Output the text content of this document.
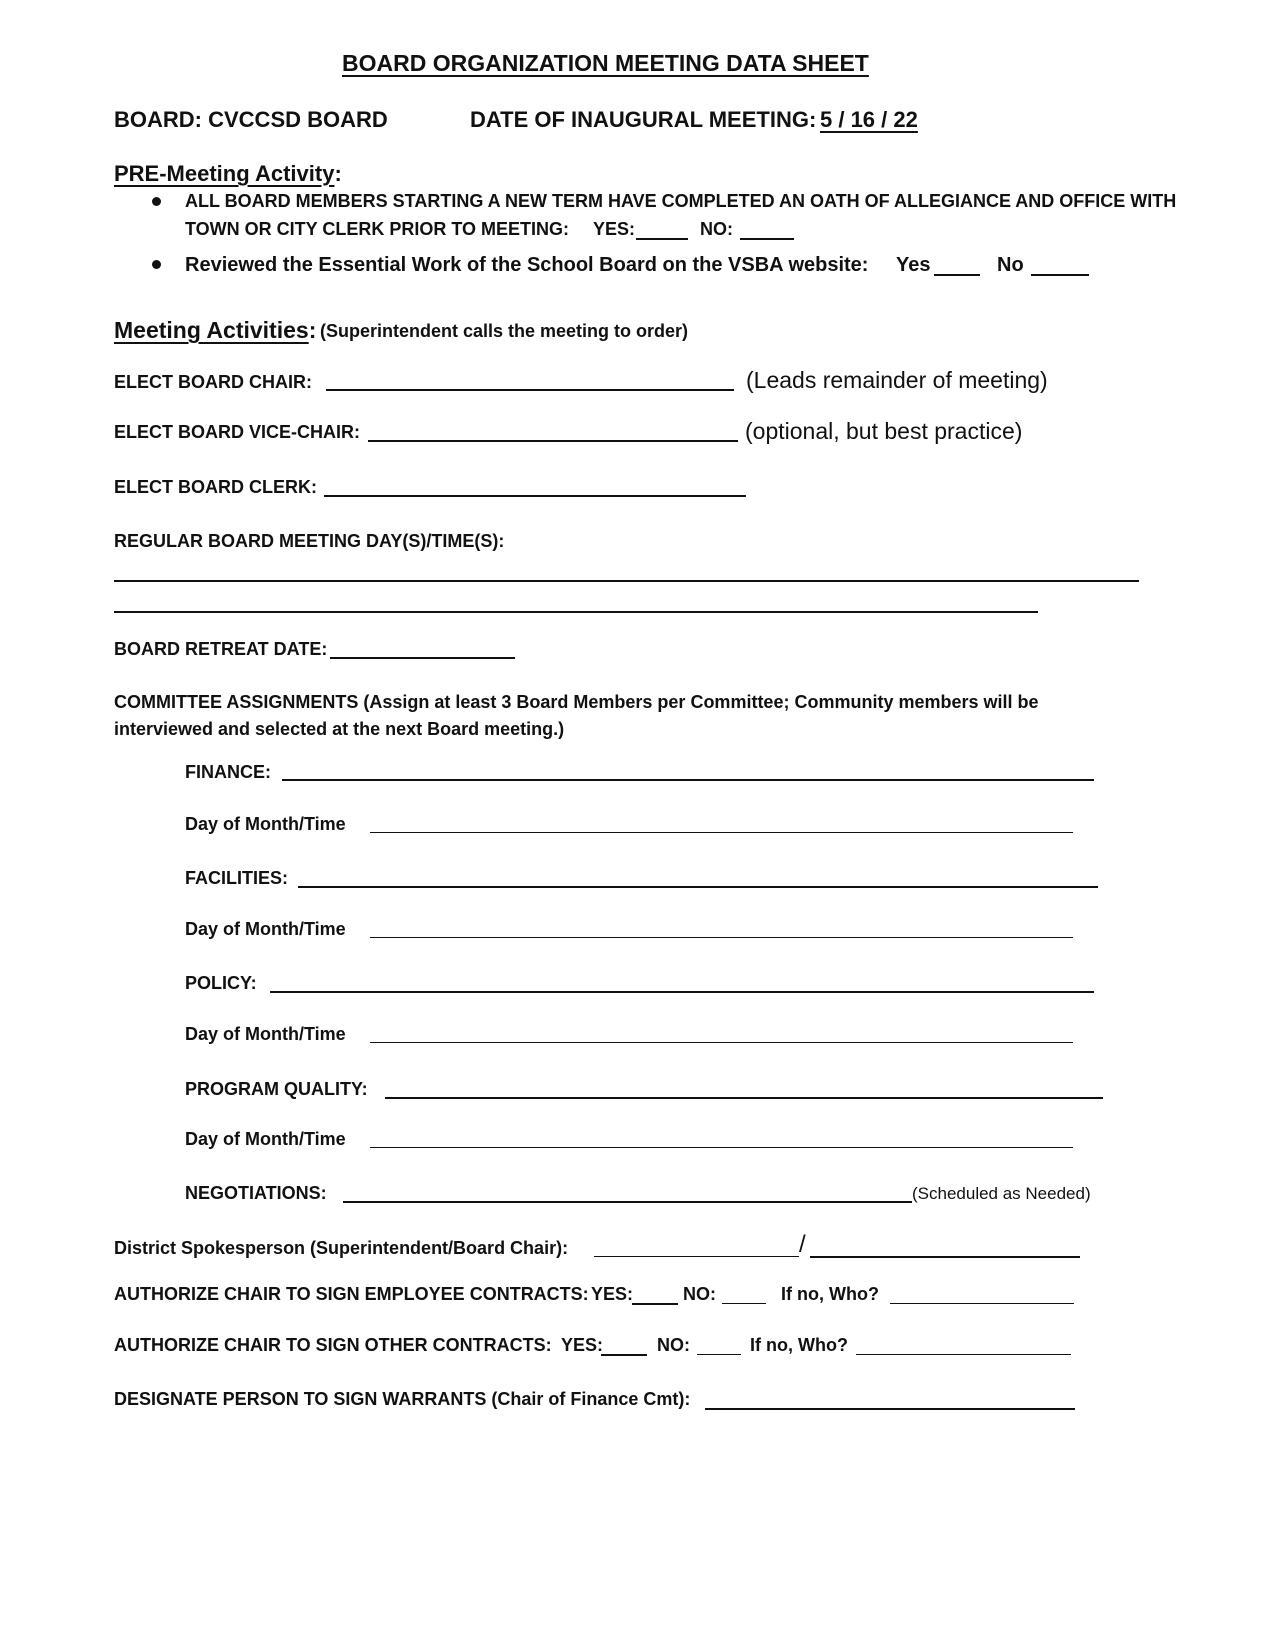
BOARD ORGANIZATION MEETING DATA SHEET
BOARD: CVCCSD BOARD	DATE OF INAUGURAL MEETING: 5 / 16 / 22
PRE-Meeting Activity:
ALL BOARD MEMBERS STARTING A NEW TERM HAVE COMPLETED AN OATH OF ALLEGIANCE AND OFFICE WITH
TOWN OR CITY CLERK PRIOR TO MEETING: YES:	NO:
Reviewed the Essential Work of the School Board on the VSBA website: Yes	No
Meeting Activities: (Superintendent calls the meeting to order)
ELECT BOARD CHAIR:	(Leads remainder of meeting)
ELECT BOARD VICE-CHAIR:	(optional, but best practice)
ELECT BOARD CLERK:
REGULAR BOARD MEETING DAY(S)/TIME(S):
BOARD RETREAT DATE:
COMMITTEE ASSIGNMENTS (Assign at least 3 Board Members per Committee; Community members will be
interviewed and selected at the next Board meeting.)
FINANCE:
Day of Month/Time
FACILITIES:
Day of Month/Time
POLICY:
Day of Month/Time
PROGRAM QUALITY:
Day of Month/Time
NEGOTIATIONS:	(Scheduled as Needed)
District Spokesperson (Superintendent/Board Chair):	/
AUTHORIZE CHAIR TO SIGN EMPLOYEE CONTRACTS: YES:	NO:	If no, Who?
AUTHORIZE CHAIR TO SIGN OTHER CONTRACTS: YES:	NO:	If no, Who?
DESIGNATE PERSON TO SIGN WARRANTS (Chair of Finance Cmt):
